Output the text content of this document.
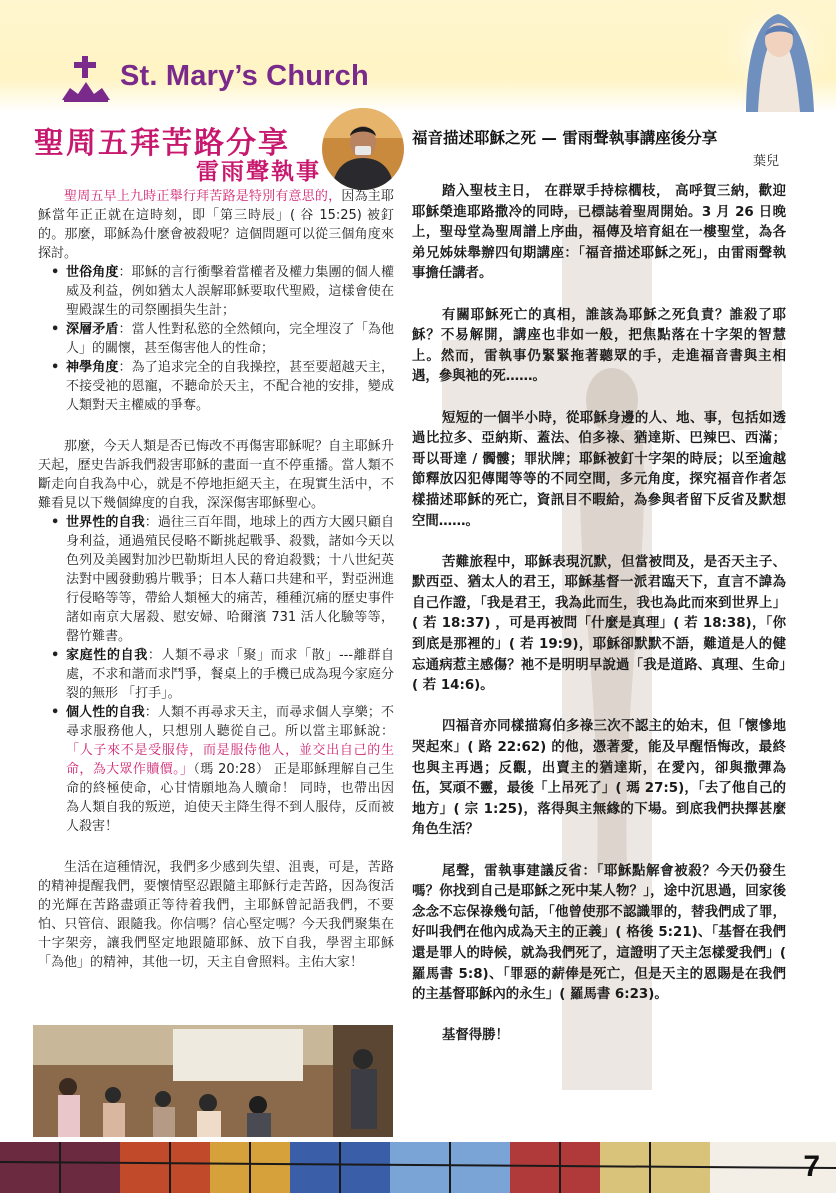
St. Mary’s Church
聖周五拜苦路分享
雷雨聲執事

聖周五早上九時正舉行拜苦路是特別有意思的，因為主耶穌當年正正就在這時刻，即「第三時辰」( 谷 15:25) 被釘的。那麼，耶穌為什麼會被殺呢？這個問題可以從三個角度來探討。

• 世俗角度：耶穌的言行衝擊着當權者及權力集團的個人權威及利益，例如猶太人誤解耶穌要取代聖殿，這樣會使在聖殿謀生的司祭團損失生計；
• 深層矛盾：當人性對私慾的全然傾向，完全埋沒了「為他人」的關懷，甚至傷害他人的性命；
• 神學角度：為了追求完全的自我操控，甚至要超越天主，不接受祂的恩寵，不聽命於天主，不配合祂的安排，變成人類對天主權威的爭奪。

那麼，今天人類是否已悔改不再傷害耶穌呢？自主耶穌升天起，歷史告訴我們殺害耶穌的畫面一直不停重播。當人類不斷走向自我為中心，就是不停地拒絕天主，在現實生活中，不難看見以下幾個緯度的自我，深深傷害耶穌聖心。

• 世界性的自我：過往三百年間，地球上的西方大國只顧自身利益，通過殖民侵略不斷挑起戰爭、殺戮，諸如今天以色列及美國對加沙巴勒斯坦人民的脅迫殺戮；十八世紀英法對中國發動鴉片戰爭；日本人藉口共建和平，對亞洲進行侵略等等，帶給人類極大的痛苦，種種沉痛的歷史事件諸如南京大屠殺、慰安婦、哈爾濱 731 活人化驗等等，罄竹難書。
• 家庭性的自我：人類不尋求「聚」而求「散」---離群自處，不求和諧而求鬥爭，餐桌上的手機已成為現今家庭分裂的無形 「打手」。
• 個人性的自我：人類不再尋求天主，而尋求個人享樂；不尋求服務他人，只想別人聽從自己。所以當主耶穌說：「人子來不是受服侍，而是服侍他人，並交出自己的生命，為大眾作贖價。」（瑪 20:28） 正是耶穌理解自己生命的終極使命，心甘情願地為人贖命！ 同時，也帶出因為人類自我的叛逆，迫使天主降生得不到人服侍，反而被人殺害！

生活在這種情況，我們多少感到失望、沮喪，可是，苦路的精神提醒我們，要懷情堅忍跟隨主耶穌行走苦路，因為復活的光輝在苦路盡頭正等待着我們，主耶穌曾記語我們，不要怕、只管信、跟隨我。你信嗎？信心堅定嗎？今天我們聚集在十字架旁，讓我們堅定地跟隨耶穌、放下自我，學習主耶穌「為他」的精神，其他一切，天主自會照料。主佑大家！

福音描述耶穌之死 — 雷雨聲執事講座後分享
葉兒

踏入聖枝主日， 在群眾手持棕櫚枝， 高呼賀三納，歡迎耶穌榮進耶路撒冷的同時，已標誌着聖周開始。3 月 26 日晚上，聖母堂為聖周譜上序曲，福傳及培育組在一樓聖堂，為各弟兄姊妹舉辦四旬期講座：「福音描述耶穌之死」，由雷雨聲執事擔任講者。

有關耶穌死亡的真相，誰該為耶穌之死負責？誰殺了耶穌？不易解開，講座也非如一般，把焦點落在十字架的智慧上。然而，雷執事仍緊緊拖著聽眾的手，走進福音書與主相遇，參與祂的死……。

短短的一個半小時，從耶穌身邊的人、地、事，包括如透過比拉多、亞納斯、蓋法、伯多祿、猶達斯、巴辣巴、西滿；哥以哥達 / 髑髏；罪狀牌；耶穌被釘十字架的時辰；以至逾越節釋放囚犯傳聞等等的不同空間，多元角度，探究福音作者怎樣描述耶穌的死亡，資訊目不暇給，為參與者留下反省及默想空間……。

苦難旅程中，耶穌表現沉默，但當被問及，是否天主子、默西亞、猶太人的君王，耶穌基督一派君臨天下，直言不諱為自己作證，「我是君王，我為此而生，我也為此而來到世界上」( 若 18:37) ，可是再被問「什麼是真理」( 若 18:38)，「你到底是那裡的」( 若 19:9)，耶穌卻默默不語，難道是人的健忘通病惹主感傷？祂不是明明早說過「我是道路、真理、生命」( 若 14:6)。

四福音亦同樣描寫伯多祿三次不認主的始末，但「懷慘地哭起來」( 路 22:62) 的他，憑著愛，能及早醒悟悔改，最終也與主再遇；反觀，出賣主的猶達斯，在愛內，卻與撒彈為伍，冥頑不靈，最後「上吊死了」( 瑪 27:5)，「去了他自己的地方」( 宗 1:25)，落得與主無緣的下場。到底我們抉擇甚麼角色生活？

尾聲，雷執事建議反省：「耶穌點解會被殺？今天仍發生嗎？你找到自己是耶穌之死中某人物？」，途中沉思過，回家後念念不忘保祿幾句話，「他曾使那不認識罪的，替我們成了罪，好叫我們在他內成為天主的正義」( 格後 5:21)、「基督在我們還是罪人的時候，就為我們死了，這證明了天主怎樣愛我們」( 羅馬書 5:8)、「罪惡的薪俸是死亡，但是天主的恩賜是在我們的主基督耶穌內的永生」( 羅馬書 6:23)。

基督得勝！

7
